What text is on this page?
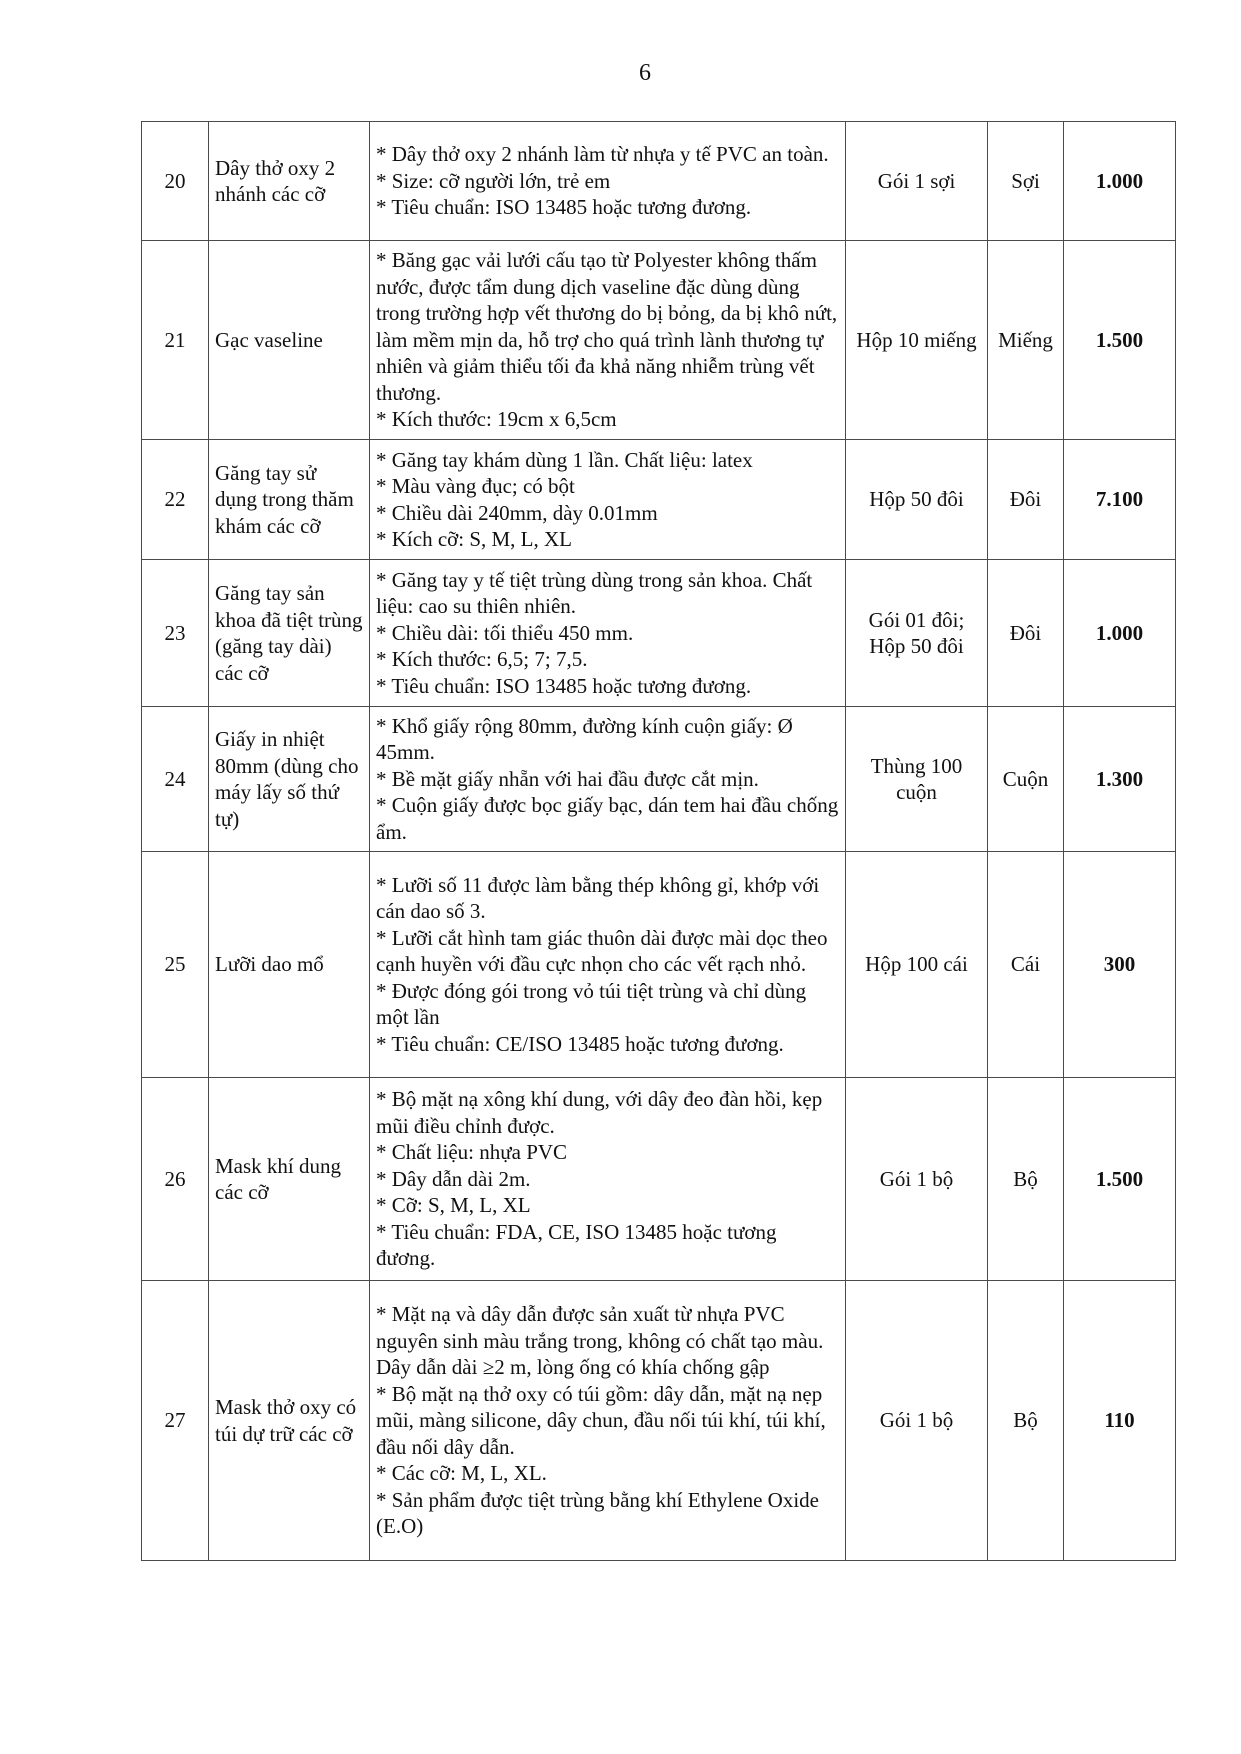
6
20	Dây thở oxy 2 nhánh các cỡ	* Dây thở oxy 2 nhánh làm từ nhựa y tế PVC an toàn.
* Size: cỡ người lớn, trẻ em
* Tiêu chuẩn: ISO 13485 hoặc tương đương.	Gói 1 sợi	Sợi	1.000
21	Gạc vaseline	* Băng gạc vải lưới cấu tạo từ Polyester không thấm nước, được tẩm dung dịch vaseline đặc dùng dùng trong trường hợp vết thương do bị bỏng, da bị khô nứt, làm mềm mịn da, hỗ trợ cho quá trình lành thương tự nhiên và giảm thiểu tối đa khả năng nhiễm trùng vết thương.
* Kích thước: 19cm x 6,5cm	Hộp 10 miếng	Miếng	1.500
22	Găng tay sử dụng trong thăm khám các cỡ	* Găng tay khám dùng 1 lần. Chất liệu: latex
* Màu vàng đục; có bột
* Chiều dài 240mm, dày 0.01mm
* Kích cỡ: S, M, L, XL	Hộp 50 đôi	Đôi	7.100
23	Găng tay sản khoa đã tiệt trùng (găng tay dài) các cỡ	* Găng tay y tế tiệt trùng dùng trong sản khoa. Chất liệu: cao su thiên nhiên.
* Chiều dài: tối thiểu 450 mm.
* Kích thước: 6,5; 7; 7,5.
* Tiêu chuẩn: ISO 13485 hoặc tương đương.	Gói 01 đôi; Hộp 50 đôi	Đôi	1.000
24	Giấy in nhiệt 80mm (dùng cho máy lấy số thứ tự)	* Khổ giấy rộng 80mm, đường kính cuộn giấy: Ø 45mm.
* Bề mặt giấy nhẵn với hai đầu được cắt mịn.
* Cuộn giấy được bọc giấy bạc, dán tem hai đầu chống ẩm.	Thùng 100 cuộn	Cuộn	1.300
25	Lưỡi dao mổ	* Lưỡi số 11 được làm bằng thép không gỉ, khớp với cán dao số 3.
* Lưỡi cắt hình tam giác thuôn dài được mài dọc theo cạnh huyền với đầu cực nhọn cho các vết rạch nhỏ.
* Được đóng gói trong vỏ túi tiệt trùng và chỉ dùng một lần
* Tiêu chuẩn: CE/ISO 13485 hoặc tương đương.	Hộp 100 cái	Cái	300
26	Mask khí dung các cỡ	* Bộ mặt nạ xông khí dung, với dây đeo đàn hồi, kẹp mũi điều chỉnh được.
* Chất liệu: nhựa PVC
* Dây dẫn dài 2m.
* Cỡ: S, M, L, XL
* Tiêu chuẩn: FDA, CE, ISO 13485 hoặc tương đương.	Gói 1 bộ	Bộ	1.500
27	Mask thở oxy có túi dự trữ các cỡ	* Mặt nạ và dây dẫn được sản xuất từ nhựa PVC nguyên sinh màu trắng trong, không có chất tạo màu. Dây dẫn dài ≥2 m, lòng ống có khía chống gập
* Bộ mặt nạ thở oxy có túi gồm: dây dẫn, mặt nạ nẹp mũi, màng silicone, dây chun, đầu nối túi khí, túi khí, đầu nối dây dẫn.
* Các cỡ: M, L, XL.
* Sản phẩm được tiệt trùng bằng khí Ethylene Oxide (E.O)	Gói 1 bộ	Bộ	110
